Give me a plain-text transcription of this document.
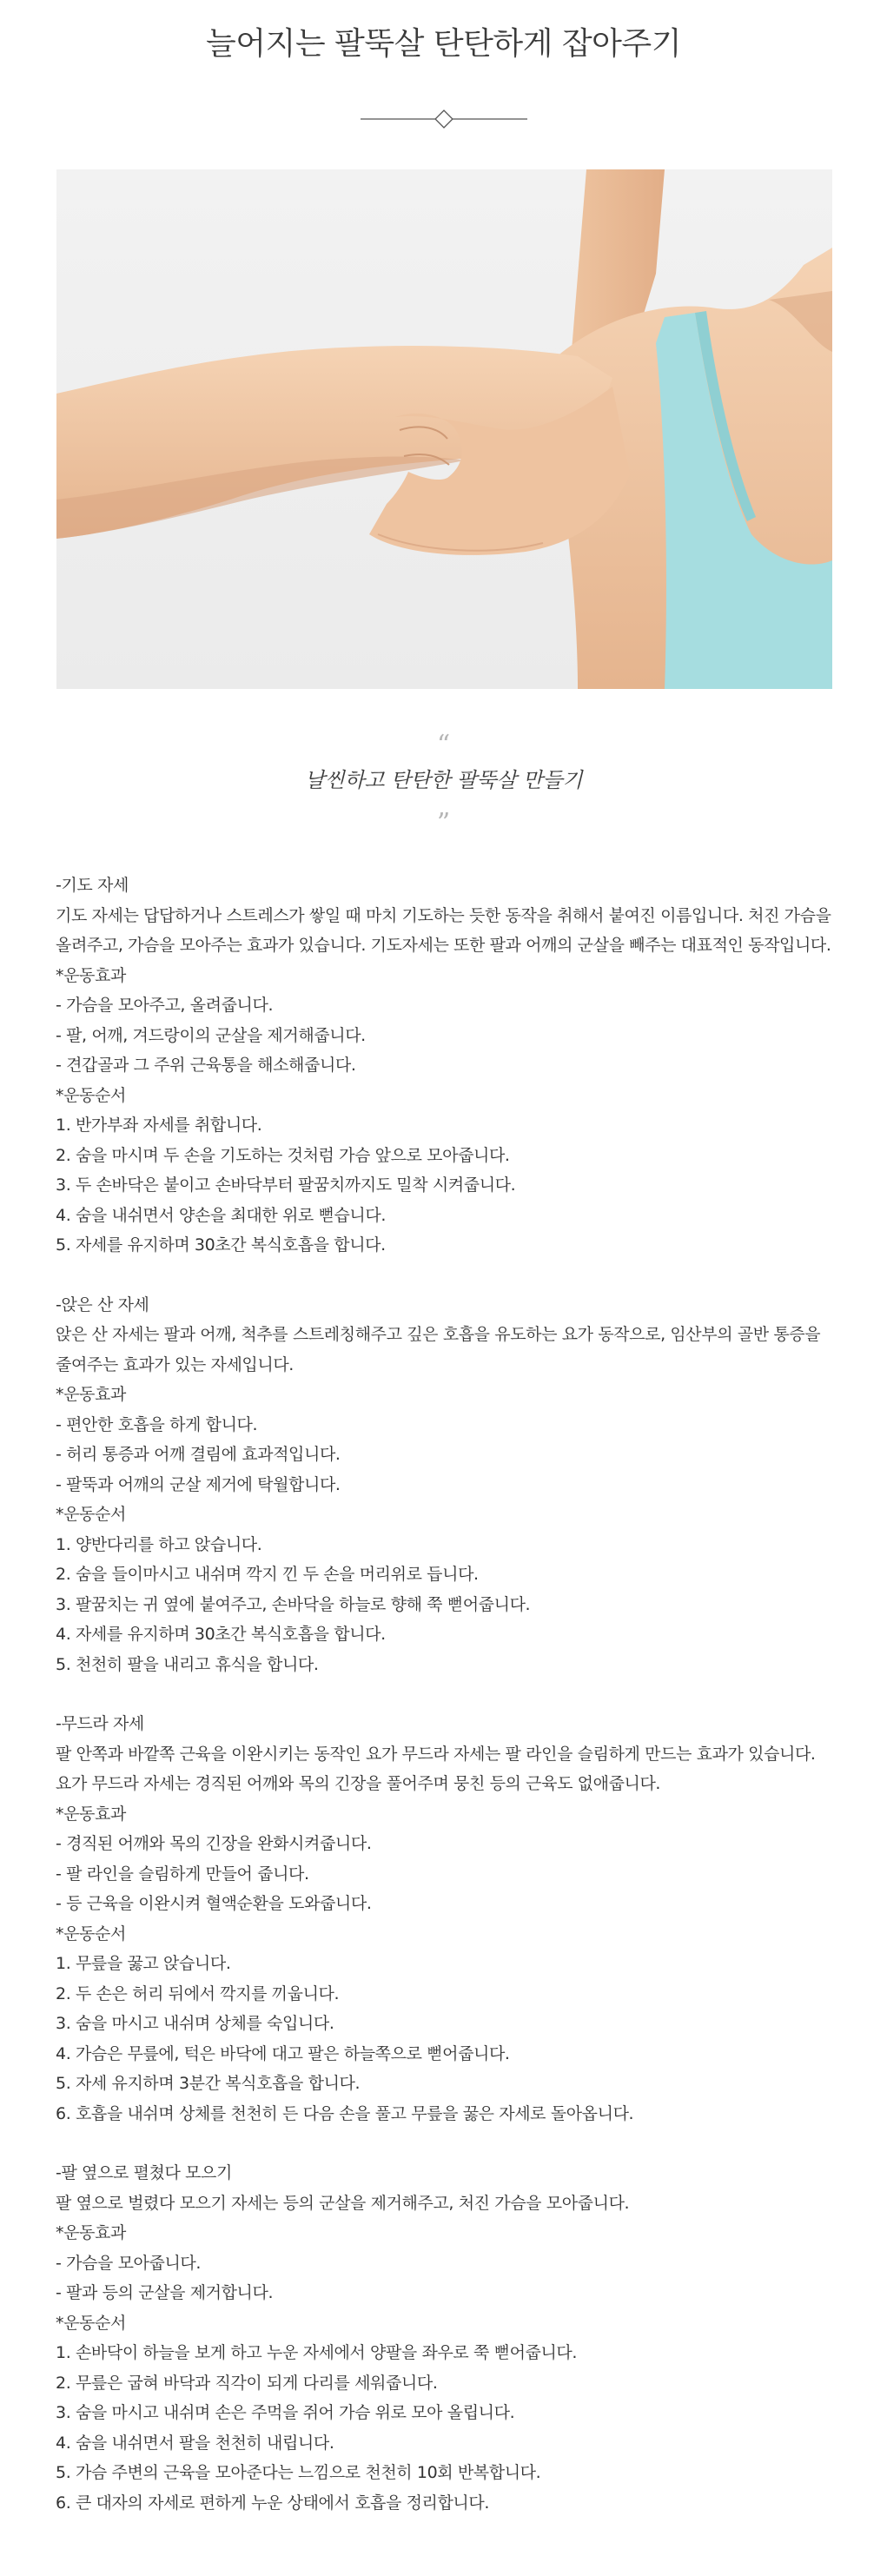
늘어지는 팔뚝살 탄탄하게 잡아주기
“
날씬하고 탄탄한 팔뚝살 만들기
”

-기도 자세

기도 자세는 답답하거나 스트레스가 쌓일 때 마치 기도하는 듯한 동작을 취해서 붙여진 이름입니다. 처진 가슴을 올려주고, 가슴을 모아주는 효과가 있습니다. 기도자세는 또한 팔과 어깨의 군살을 빼주는 대표적인 동작입니다.

*운동효과

- 가슴을 모아주고, 올려줍니다.

- 팔, 어깨, 겨드랑이의 군살을 제거해줍니다.

- 견갑골과 그 주위 근육통을 해소해줍니다.

*운동순서

1. 반가부좌 자세를 취합니다.

2. 숨을 마시며 두 손을 기도하는 것처럼 가슴 앞으로 모아줍니다.

3. 두 손바닥은 붙이고 손바닥부터 팔꿈치까지도 밀착 시켜줍니다.

4. 숨을 내쉬면서 양손을 최대한 위로 뻗습니다.

5. 자세를 유지하며 30초간 복식호흡을 합니다.

-앉은 산 자세

앉은 산 자세는 팔과 어깨, 척추를 스트레칭해주고 깊은 호흡을 유도하는 요가 동작으로, 임산부의 골반 통증을 줄여주는 효과가 있는 자세입니다.

*운동효과

- 편안한 호흡을 하게 합니다.

- 허리 통증과 어깨 결림에 효과적입니다.

- 팔뚝과 어깨의 군살 제거에 탁월합니다.

*운동순서

1. 양반다리를 하고 앉습니다.

2. 숨을 들이마시고 내쉬며 깍지 낀 두 손을 머리위로 듭니다.

3. 팔꿈치는 귀 옆에 붙여주고, 손바닥을 하늘로 향해 쭉 뻗어줍니다.

4. 자세를 유지하며 30초간 복식호흡을 합니다.

5. 천천히 팔을 내리고 휴식을 합니다.

-무드라 자세

팔 안쪽과 바깥쪽 근육을 이완시키는 동작인 요가 무드라 자세는 팔 라인을 슬림하게 만드는 효과가 있습니다. 요가 무드라 자세는 경직된 어깨와 목의 긴장을 풀어주며 뭉친 등의 근육도 없애줍니다.

*운동효과

- 경직된 어깨와 목의 긴장을 완화시켜줍니다.

- 팔 라인을 슬림하게 만들어 줍니다.

- 등 근육을 이완시켜 혈액순환을 도와줍니다.

*운동순서

1. 무릎을 꿇고 앉습니다.

2. 두 손은 허리 뒤에서 깍지를 끼웁니다.

3. 숨을 마시고 내쉬며 상체를 숙입니다.

4. 가슴은 무릎에, 턱은 바닥에 대고 팔은 하늘쪽으로 뻗어줍니다.

5. 자세 유지하며 3분간 복식호흡을 합니다.

6. 호흡을 내쉬며 상체를 천천히 든 다음 손을 풀고 무릎을 꿇은 자세로 돌아옵니다.

-팔 옆으로 펼쳤다 모으기

팔 옆으로 벌렸다 모으기 자세는 등의 군살을 제거해주고, 처진 가슴을 모아줍니다.

*운동효과

- 가슴을 모아줍니다.

- 팔과 등의 군살을 제거합니다.

*운동순서

1. 손바닥이 하늘을 보게 하고 누운 자세에서 양팔을 좌우로 쭉 뻗어줍니다.

2. 무릎은 굽혀 바닥과 직각이 되게 다리를 세워줍니다.

3. 숨을 마시고 내쉬며 손은 주먹을 쥐어 가슴 위로 모아 올립니다.

4. 숨을 내쉬면서 팔을 천천히 내립니다.

5. 가슴 주변의 근육을 모아준다는 느낌으로 천천히 10회 반복합니다.

6. 큰 대자의 자세로 편하게 누운 상태에서 호흡을 정리합니다.
